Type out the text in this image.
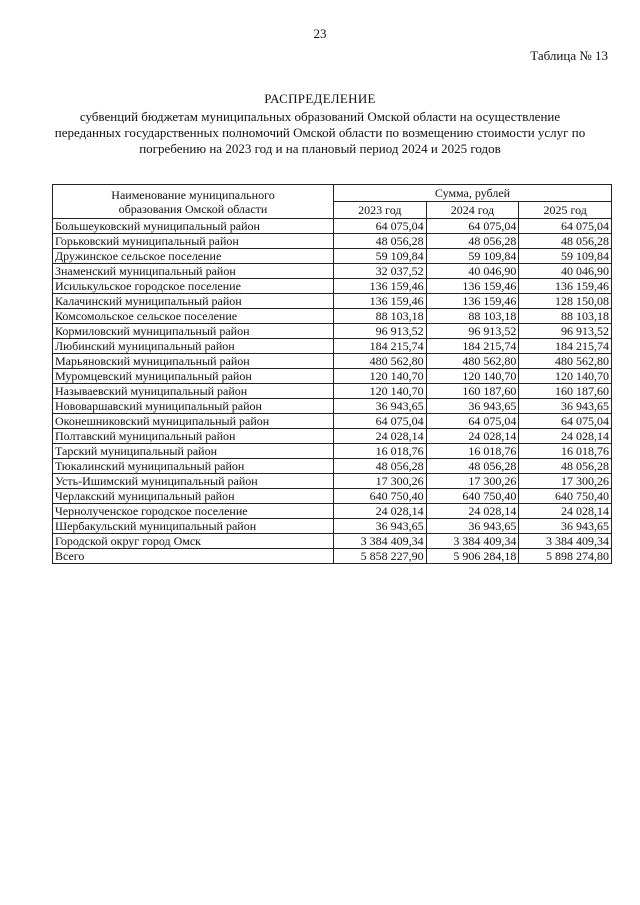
23
Таблица № 13
РАСПРЕДЕЛЕНИЕ
субвенций бюджетам муниципальных образований Омской области на осуществление
переданных государственных полномочий Омской области по возмещению стоимости услуг по
погребению на 2023 год и на плановый период 2024 и 2025 годов
Наименование муниципального
образования Омской области	Сумма, рублей		
	2023 год	2024 год	2025 год
Большеуковский муниципальный район	64 075,04	64 075,04	64 075,04
Горьковский муниципальный район	48 056,28	48 056,28	48 056,28
Дружинское сельское поселение	59 109,84	59 109,84	59 109,84
Знаменский муниципальный район	32 037,52	40 046,90	40 046,90
Исилькульское городское поселение	136 159,46	136 159,46	136 159,46
Калачинский муниципальный район	136 159,46	136 159,46	128 150,08
Комсомольское сельское поселение	88 103,18	88 103,18	88 103,18
Кормиловский муниципальный район	96 913,52	96 913,52	96 913,52
Любинский муниципальный район	184 215,74	184 215,74	184 215,74
Марьяновский муниципальный район	480 562,80	480 562,80	480 562,80
Муромцевский муниципальный район	120 140,70	120 140,70	120 140,70
Называевский муниципальный район	120 140,70	160 187,60	160 187,60
Нововаршавский муниципальный район	36 943,65	36 943,65	36 943,65
Оконешниковский муниципальный район	64 075,04	64 075,04	64 075,04
Полтавский муниципальный район	24 028,14	24 028,14	24 028,14
Тарский муниципальный район	16 018,76	16 018,76	16 018,76
Тюкалинский муниципальный район	48 056,28	48 056,28	48 056,28
Усть-Ишимский муниципальный район	17 300,26	17 300,26	17 300,26
Черлакский муниципальный район	640 750,40	640 750,40	640 750,40
Чернолученское городское поселение	24 028,14	24 028,14	24 028,14
Шербакульский муниципальный район	36 943,65	36 943,65	36 943,65
Городской округ город Омск	3 384 409,34	3 384 409,34	3 384 409,34
Всего	5 858 227,90	5 906 284,18	5 898 274,80
